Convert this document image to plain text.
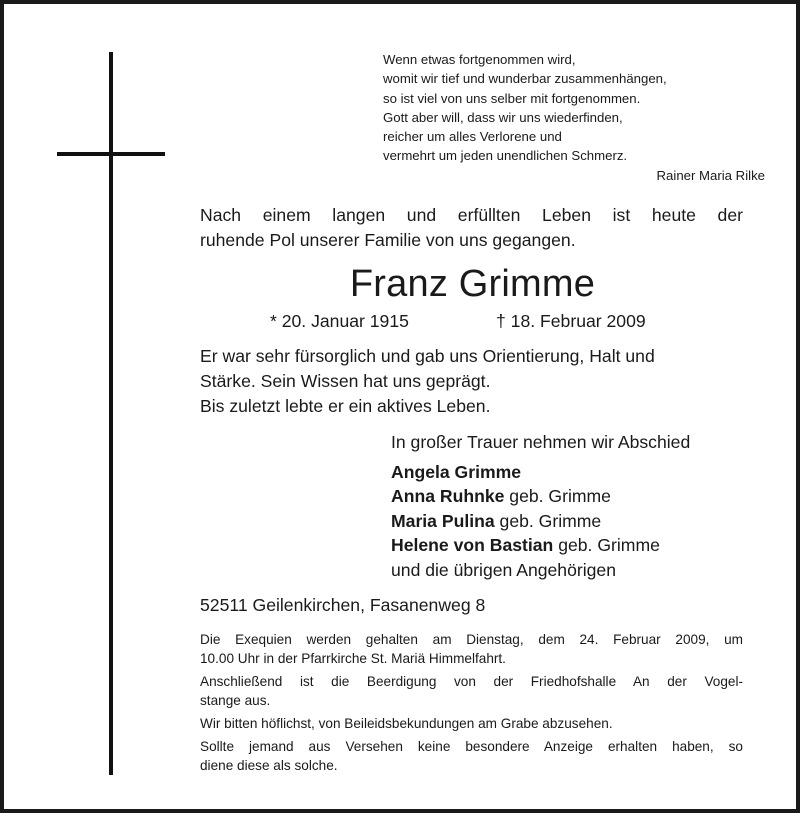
Wenn etwas fortgenommen wird,
womit wir tief und wunderbar zusammenhängen,
so ist viel von uns selber mit fortgenommen.
Gott aber will, dass wir uns wiederfinden,
reicher um alles Verlorene und
vermehrt um jeden unendlichen Schmerz.
Rainer Maria Rilke
Nach einem langen und erfüllten Leben ist heute der
ruhende Pol unserer Familie von uns gegangen.
Franz Grimme
* 20. Januar 1915	† 18. Februar 2009
Er war sehr fürsorglich und gab uns Orientierung, Halt und
Stärke. Sein Wissen hat uns geprägt.
Bis zuletzt lebte er ein aktives Leben.
In großer Trauer nehmen wir Abschied
Angela Grimme
Anna Ruhnke geb. Grimme
Maria Pulina geb. Grimme
Helene von Bastian geb. Grimme
und die übrigen Angehörigen
52511 Geilenkirchen, Fasanenweg 8
Die Exequien werden gehalten am Dienstag, dem 24. Februar 2009, um
10.00 Uhr in der Pfarrkirche St. Mariä Himmelfahrt.
Anschließend ist die Beerdigung von der Friedhofshalle An der Vogel-
stange aus.
Wir bitten höflichst, von Beileidsbekundungen am Grabe abzusehen.
Sollte jemand aus Versehen keine besondere Anzeige erhalten haben, so
diene diese als solche.
